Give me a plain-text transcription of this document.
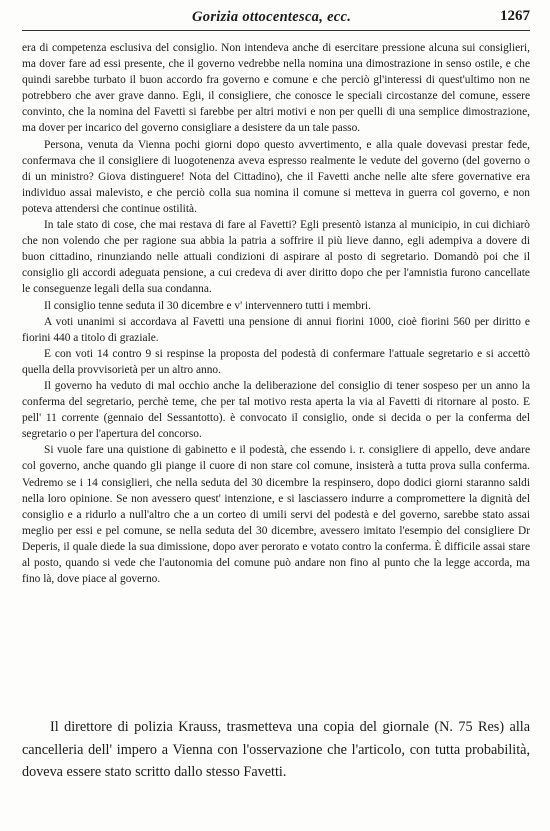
Gorizia ottocentesca, ecc.	1267

era di competenza esclusiva del consiglio. Non intendeva anche di esercitare pressione alcuna sui consiglieri, ma dover fare ad essi presente, che il governo vedrebbe nella nomina una dimostrazione in senso ostile, e che quindi sarebbe turbato il buon accordo fra governo e comune e che perciò gl'interessi di quest'ultimo non ne potrebbero che aver grave danno. Egli, il consigliere, che conosce le speciali circostanze del comune, essere convinto, che la nomina del Favetti si farebbe per altri motivi e non per quelli di una semplice dimostrazione, ma dover per incarico del governo consigliare a desistere da un tale passo.

Persona, venuta da Vienna pochi giorni dopo questo avvertimento, e alla quale dovevasi prestar fede, confermava che il consigliere di luogotenenza aveva espresso realmente le vedute del governo (del governo o di un ministro? Giova distinguere! Nota del Cittadino), che il Favetti anche nelle alte sfere governative era individuo assai malevisto, e che perciò colla sua nomina il comune si metteva in guerra col governo, e non poteva attendersi che continue ostilità.

In tale stato di cose, che mai restava di fare al Favetti? Egli presentò istanza al municipio, in cui dichiarò che non volendo che per ragione sua abbia la patria a soffrire il più lieve danno, egli adempiva a dovere di buon cittadino, rinunziando nelle attuali condizioni di aspirare al posto di segretario. Domandò poi che il consiglio gli accordi adeguata pensione, a cui credeva di aver diritto dopo che per l'amnistia furono cancellate le conseguenze legali della sua condanna.

Il consiglio tenne seduta il 30 dicembre e v' intervennero tutti i membri.

A voti unanimi si accordava al Favetti una pensione di annui fiorini 1000, cioè fiorini 560 per diritto e fiorini 440 a titolo di graziale.

E con voti 14 contro 9 si respinse la proposta del podestà di confermare l'attuale segretario e si accettò quella della provvisorietà per un altro anno.

Il governo ha veduto di mal occhio anche la deliberazione del consiglio di tener sospeso per un anno la conferma del segretario, perchè teme, che per tal motivo resta aperta la via al Favetti di ritornare al posto. E pell' 11 corrente (gennaio del Sessantotto). è convocato il consiglio, onde si decida o per la conferma del segretario o per l'apertura del concorso.

Si vuole fare una quistione di gabinetto e il podestà, che essendo i. r. consigliere di appello, deve andare col governo, anche quando gli piange il cuore di non stare col comune, insisterà a tutta prova sulla conferma. Vedremo se i 14 consiglieri, che nella seduta del 30 dicembre la respinsero, dopo dodici giorni staranno saldi nella loro opinione. Se non avessero quest' intenzione, e si lasciassero indurre a compromettere la dignità del consiglio e a ridurlo a null'altro che a un corteo di umili servi del podestà e del governo, sarebbe stato assai meglio per essi e pel comune, se nella seduta del 30 dicembre, avessero imitato l'esempio del consigliere Dr Deperis, il quale diede la sua dimissione, dopo aver perorato e votato contro la conferma. È difficile assai stare al posto, quando si vede che l'autonomia del comune può andare non fino al punto che la legge accorda, ma fino là, dove piace al governo.

Il direttore di polizia Krauss, trasmetteva una copia del giornale (N. 75 Res) alla cancelleria dell' impero a Vienna con l'osservazione che l'articolo, con tutta probabilità, doveva essere stato scritto dallo stesso Favetti.
